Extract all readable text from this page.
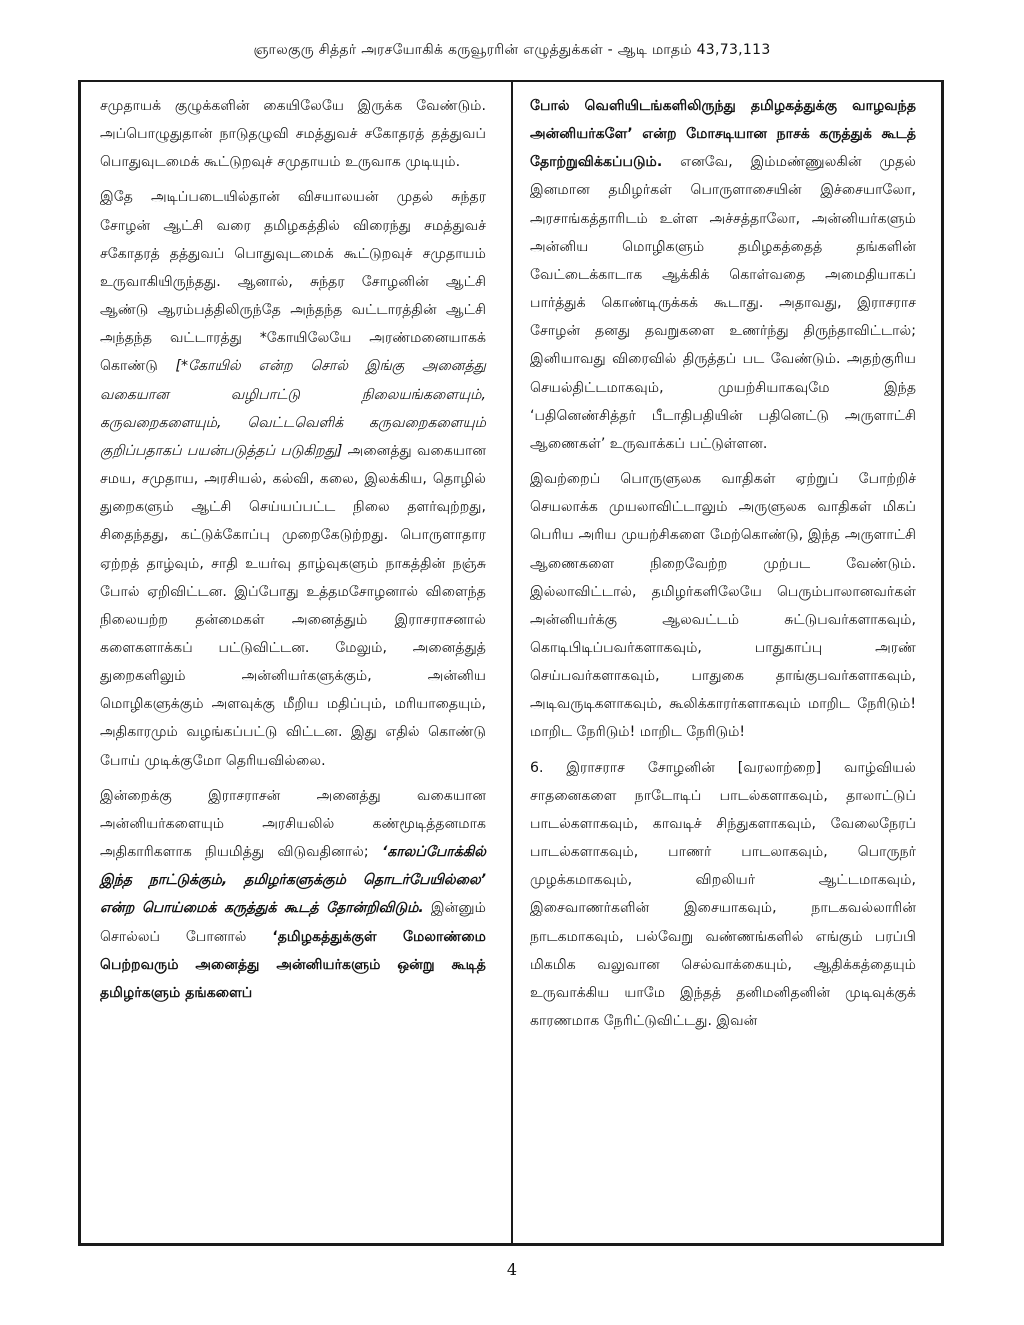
ஞாலகுரு சித்தர் அரசயோகிக் கருவூரரின் எழுத்துக்கள் - ஆடி மாதம் 43,73,113

சமுதாயக் குழுக்களின் கையிலேயே இருக்க வேண்டும். அப்பொழுதுதான் நாடுதழுவி சமத்துவச் சகோதரத் தத்துவப் பொதுவுடமைக் கூட்டுறவுச் சமுதாயம் உருவாக முடியும்.

இதே அடிப்படையில்தான் விசயாலயன் முதல் சுந்தர சோழன் ஆட்சி வரை தமிழகத்தில் விரைந்து சமத்துவச் சகோதரத் தத்துவப் பொதுவுடமைக் கூட்டுறவுச் சமுதாயம் உருவாகியிருந்தது. ஆனால், சுந்தர சோழனின் ஆட்சி ஆண்டு ஆரம்பத்திலிருந்தே அந்தந்த வட்டாரத்தின் ஆட்சி அந்தந்த வட்டாரத்து *கோயிலேயே அரண்மனையாகக் கொண்டு [*கோயில் என்ற சொல் இங்கு அனைத்து வகையான வழிபாட்டு நிலையங்களையும், கருவறைகளையும், வெட்டவெளிக் கருவறைகளையும் குறிப்பதாகப் பயன்படுத்தப் படுகிறது] அனைத்து வகையான சமய, சமுதாய, அரசியல், கல்வி, கலை, இலக்கிய, தொழில் துறைகளும் ஆட்சி செய்யப்பட்ட நிலை தளர்வுற்றது, சிதைந்தது, கட்டுக்கோப்பு முறைகேடுற்றது. பொருளாதார ஏற்றத் தாழ்வும், சாதி உயர்வு தாழ்வுகளும் நாகத்தின் நஞ்சு போல் ஏறிவிட்டன. இப்போது உத்தமசோழனால் விளைந்த நிலையற்ற தன்மைகள் அனைத்தும் இராசராசனால் களைகளாக்கப் பட்டுவிட்டன. மேலும், அனைத்துத் துறைகளிலும் அன்னியர்களுக்கும், அன்னிய மொழிகளுக்கும் அளவுக்கு மீறிய மதிப்பும், மரியாதையும், அதிகாரமும் வழங்கப்பட்டு விட்டன. இது எதில் கொண்டு போய் முடிக்குமோ தெரியவில்லை.

இன்றைக்கு இராசராசன் அனைத்து வகையான அன்னியர்களையும் அரசியலில் கண்மூடித்தனமாக அதிகாரிகளாக நியமித்து விடுவதினால்; ‘காலப்போக்கில் இந்த நாட்டுக்கும், தமிழர்களுக்கும் தொடர்பேயில்லை’ என்ற பொய்மைக் கருத்துக் கூடத் தோன்றிவிடும். இன்னும் சொல்லப் போனால் ‘தமிழகத்துக்குள் மேலாண்மை பெற்றவரும் அனைத்து அன்னியர்களும் ஒன்று கூடித் தமிழர்களும் தங்களைப்

போல் வெளியிடங்களிலிருந்து தமிழகத்துக்கு வாழவந்த அன்னியர்களே’ என்ற மோசடியான நாசக் கருத்துக் கூடத் தோற்றுவிக்கப்படும். எனவே, இம்மண்ணுலகின் முதல் இனமான தமிழர்கள் பொருளாசையின் இச்சையாலோ, அரசாங்கத்தாரிடம் உள்ள அச்சத்தாலோ, அன்னியர்களும் அன்னிய மொழிகளும் தமிழகத்தைத் தங்களின் வேட்டைக்காடாக ஆக்கிக் கொள்வதை அமைதியாகப் பார்த்துக் கொண்டிருக்கக் கூடாது. அதாவது, இராசராச சோழன் தனது தவறுகளை உணர்ந்து திருந்தாவிட்டால்; இனியாவது விரைவில் திருத்தப் பட வேண்டும். அதற்குரிய செயல்திட்டமாகவும், முயற்சியாகவுமே இந்த ‘பதினெண்சித்தர் பீடாதிபதியின் பதினெட்டு அருளாட்சி ஆணைகள்’ உருவாக்கப் பட்டுள்ளன.

இவற்றைப் பொருளுலக வாதிகள் ஏற்றுப் போற்றிச் செயலாக்க முயலாவிட்டாலும் அருளுலக வாதிகள் மிகப் பெரிய அரிய முயற்சிகளை மேற்கொண்டு, இந்த அருளாட்சி ஆணைகளை நிறைவேற்ற முற்பட வேண்டும். இல்லாவிட்டால், தமிழர்களிலேயே பெரும்பாலானவர்கள் அன்னியர்க்கு ஆலவட்டம் சுட்டுபவர்களாகவும், கொடிபிடிப்பவர்களாகவும், பாதுகாப்பு அரண் செய்பவர்களாகவும், பாதுகை தாங்குபவர்களாகவும், அடிவருடிகளாகவும், கூலிக்காரர்களாகவும் மாறிட நேரிடும்! மாறிட நேரிடும்! மாறிட நேரிடும்!

6. இராசராச சோழனின் [வரலாற்றை] வாழ்வியல் சாதனைகளை நாடோடிப் பாடல்களாகவும், தாலாட்டுப் பாடல்களாகவும், காவடிச் சிந்துகளாகவும், வேலைநேரப் பாடல்களாகவும், பாணர் பாடலாகவும், பொருநர் முழக்கமாகவும், விறலியர் ஆட்டமாகவும், இசைவாணர்களின் இசையாகவும், நாடகவல்லாரின் நாடகமாகவும், பல்வேறு வண்ணங்களில் எங்கும் பரப்பி மிகமிக வலுவான செல்வாக்கையும், ஆதிக்கத்தையும் உருவாக்கிய யாமே இந்தத் தனிமனிதனின் முடிவுக்குக் காரணமாக நேரிட்டுவிட்டது. இவன்

4
